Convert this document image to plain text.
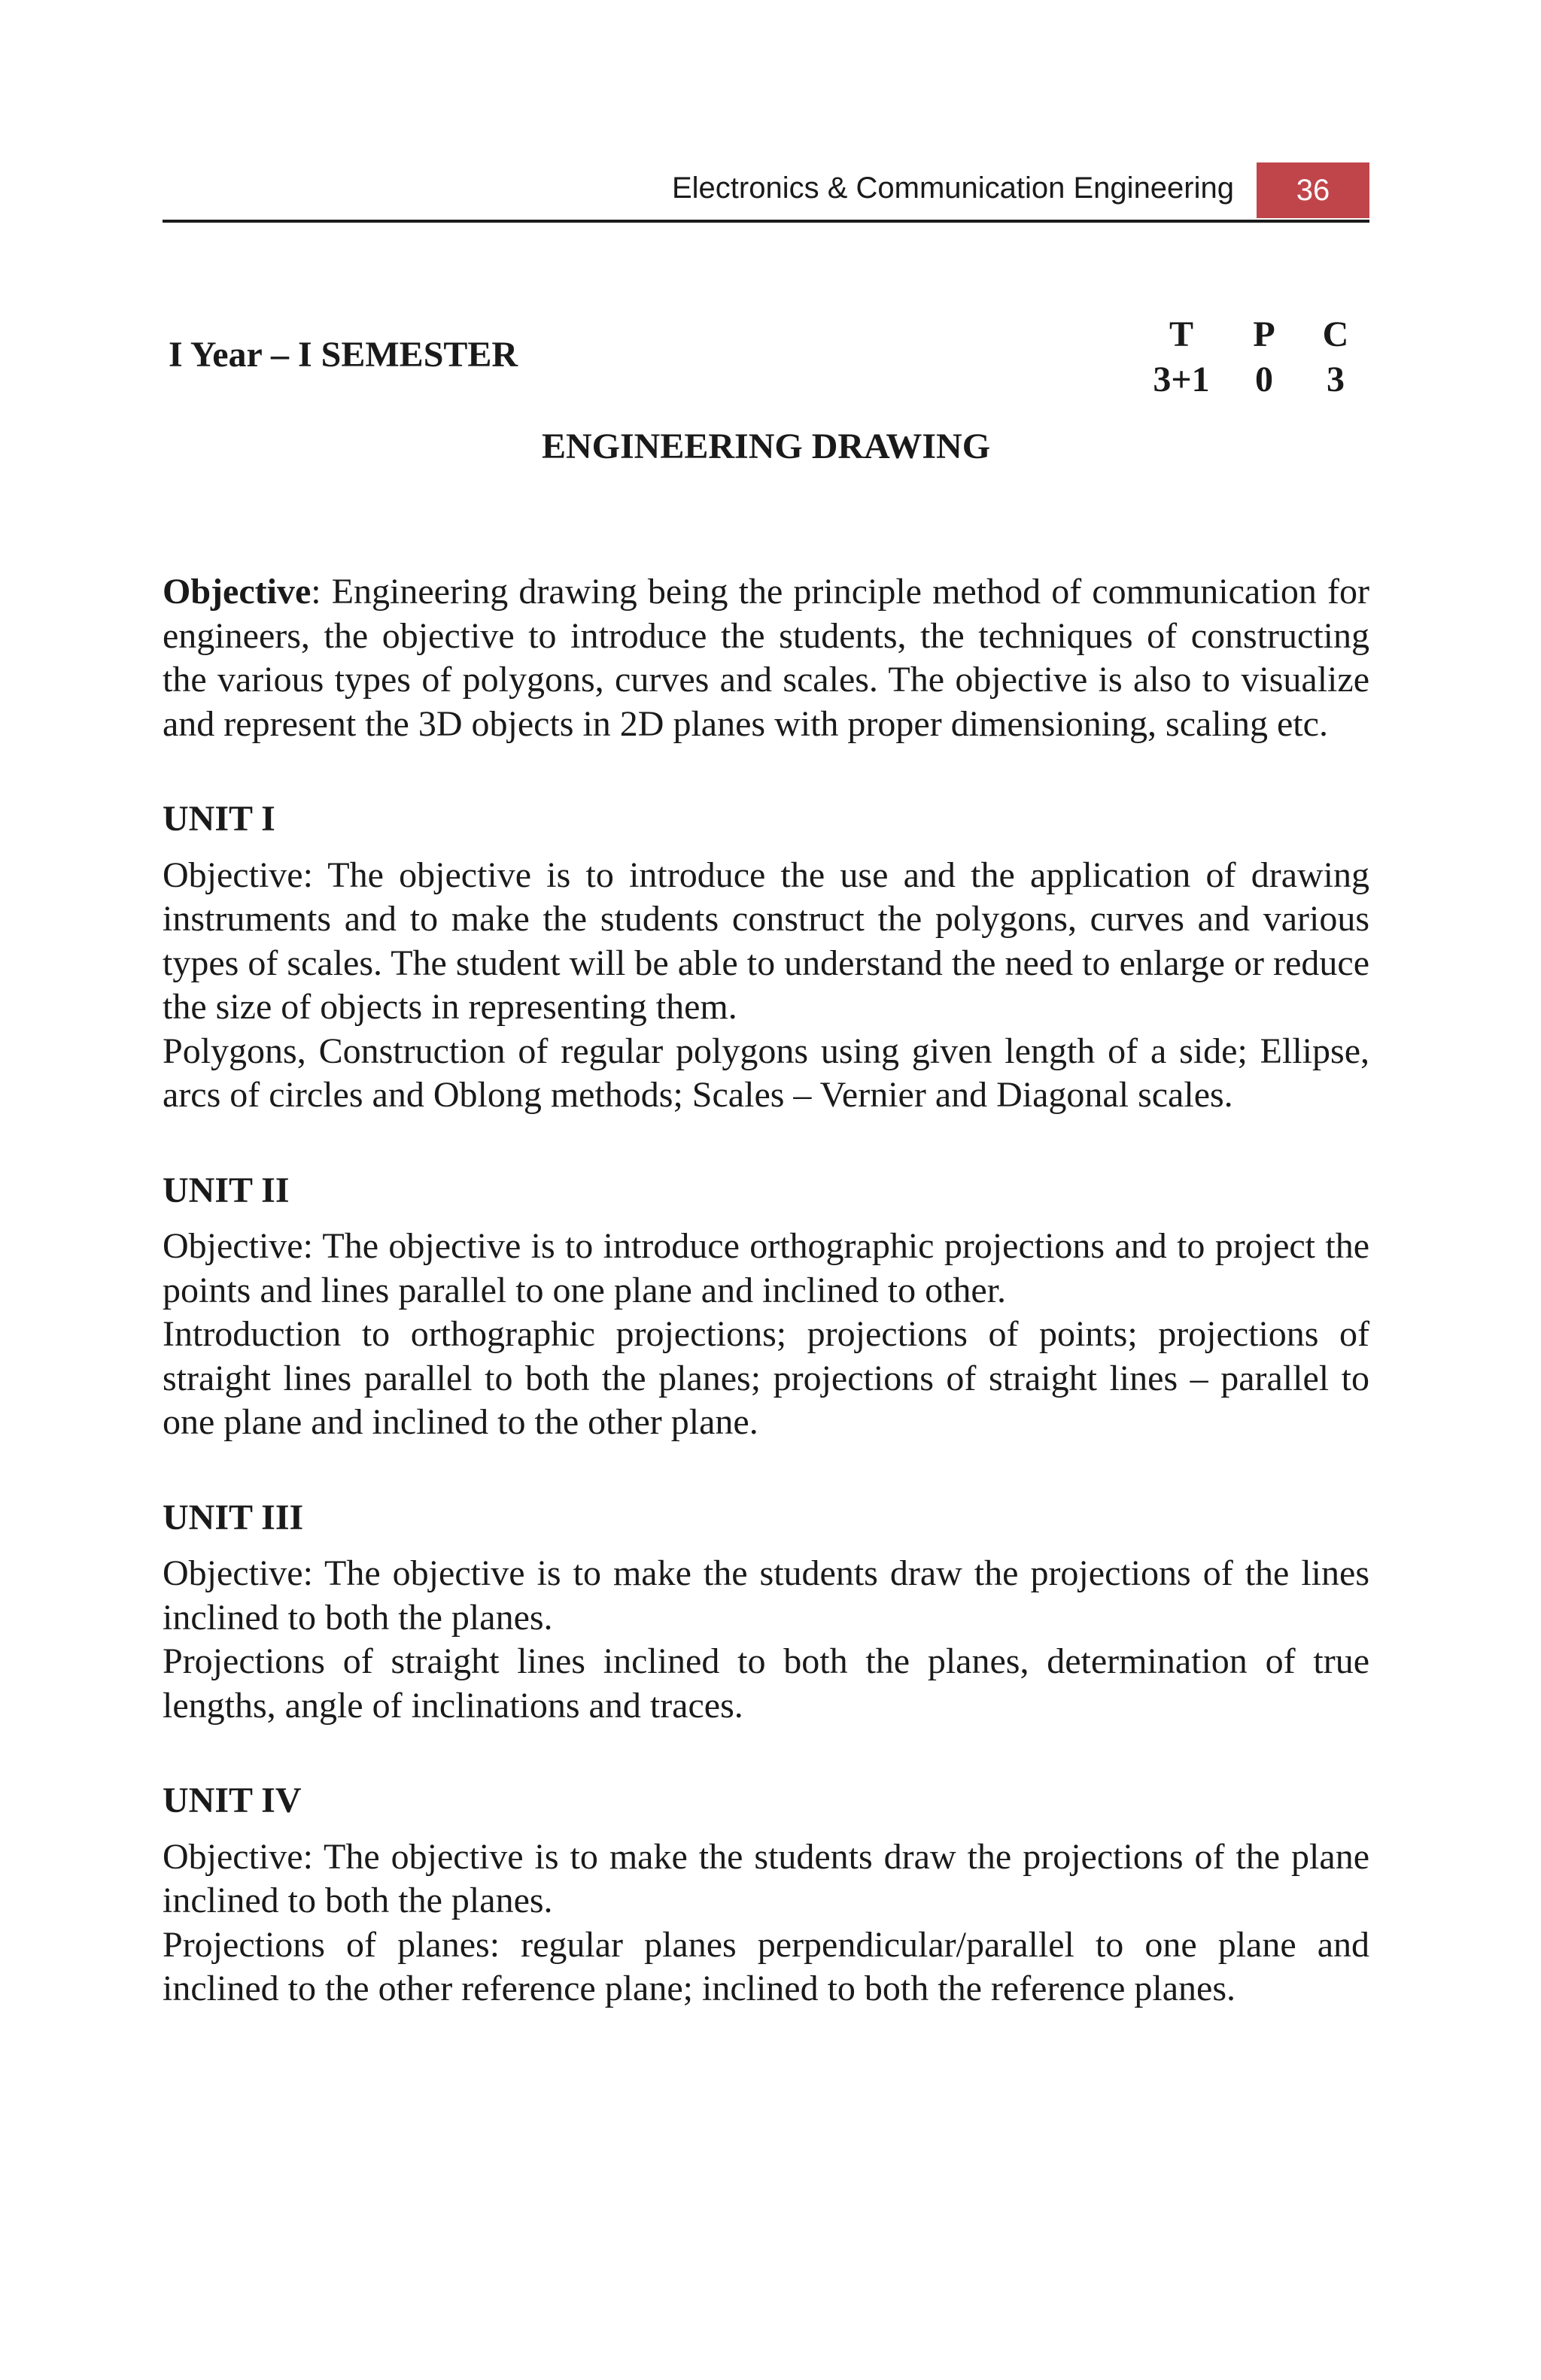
Electronics & Communication Engineering	36
I Year – I SEMESTER
T	P	C
3+1	0	3
ENGINEERING DRAWING

Objective: Engineering drawing being the principle method of communication for engineers, the objective to introduce the students, the techniques of constructing the various types of polygons, curves and scales. The objective is also to visualize and represent the 3D objects in 2D planes with proper dimensioning, scaling etc.

UNIT I

Objective: The objective is to introduce the use and the application of drawing instruments and to make the students construct the polygons, curves and various types of scales. The student will be able to understand the need to enlarge or reduce the size of objects in representing them.

Polygons, Construction of regular polygons using given length of a side; Ellipse, arcs of circles and Oblong methods; Scales – Vernier and Diagonal scales.

UNIT II

Objective: The objective is to introduce orthographic projections and to project the points and lines parallel to one plane and inclined to other.

Introduction to orthographic projections; projections of points; projections of straight lines parallel to both the planes; projections of straight lines – parallel to one plane and inclined to the other plane.

UNIT III

Objective: The objective is to make the students draw the projections of the lines inclined to both the planes.

Projections of straight lines inclined to both the planes, determination of true lengths, angle of inclinations and traces.

UNIT IV

Objective: The objective is to make the students draw the projections of the plane inclined to both the planes.

Projections of planes: regular planes perpendicular/parallel to one plane and inclined to the other reference plane; inclined to both the reference planes.
